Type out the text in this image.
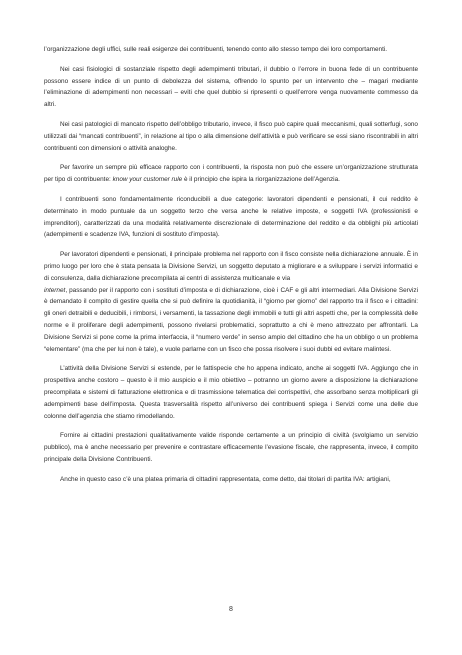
l’organizzazione degli uffici, sulle reali esigenze dei contribuenti, tenendo conto allo stesso tempo dei loro comportamenti.

Nei casi fisiologici di sostanziale rispetto degli adempimenti tributari, il dubbio o l’errore in buona fede di un contribuente possono essere indice di un punto di debolezza del sistema, offrendo lo spunto per un intervento che – magari mediante l’eliminazione di adempimenti non necessari – eviti che quel dubbio si ripresenti o quell’errore venga nuovamente commesso da altri.

Nei casi patologici di mancato rispetto dell’obbligo tributario, invece, il fisco può capire quali meccanismi, quali sotterfugi, sono utilizzati dai “mancati contribuenti”, in relazione al tipo o alla dimensione dell’attività e può verificare se essi siano riscontrabili in altri contribuenti con dimensioni o attività analoghe.

Per favorire un sempre più efficace rapporto con i contribuenti, la risposta non può che essere un’organizzazione strutturata per tipo di contribuente: know your customer rule è il principio che ispira la riorganizzazione dell’Agenzia.

I contribuenti sono fondamentalmente riconducibili a due categorie: lavoratori dipendenti e pensionati, il cui reddito è determinato in modo puntuale da un soggetto terzo che versa anche le relative imposte, e soggetti IVA (professionisti e imprenditori), caratterizzati da una modalità relativamente discrezionale di determinazione del reddito e da obblighi più articolati (adempimenti e scadenze IVA, funzioni di sostituto d’imposta).

Per lavoratori dipendenti e pensionati, il principale problema nel rapporto con il fisco consiste nella dichiarazione annuale. È in primo luogo per loro che è stata pensata la Divisione Servizi, un soggetto deputato a migliorare e a sviluppare i servizi informatici e di consulenza, dalla dichiarazione precompilata ai centri di assistenza multicanale e via

internet, passando per il rapporto con i sostituti d’imposta e di dichiarazione, cioè i CAF e gli altri intermediari. Alla Divisione Servizi è demandato il compito di gestire quella che si può definire la quotidianità, il “giorno per giorno” del rapporto tra il fisco e i cittadini: gli oneri detraibili e deducibili, i rimborsi, i versamenti, la tassazione degli immobili e tutti gli altri aspetti che, per la complessità delle norme e il proliferare degli adempimenti, possono rivelarsi problematici, soprattutto a chi è meno attrezzato per affrontarli. La Divisione Servizi si pone come la prima interfaccia, il “numero verde” in senso ampio del cittadino che ha un obbligo o un problema “elementare” (ma che per lui non è tale), e vuole parlarne con un fisco che possa risolvere i suoi dubbi ed evitare malintesi.

L’attività della Divisione Servizi si estende, per le fattispecie che ho appena indicato, anche ai soggetti IVA. Aggiungo che in prospettiva anche costoro – questo è il mio auspicio e il mio obiettivo – potranno un giorno avere a disposizione la dichiarazione precompilata e sistemi di fatturazione elettronica e di trasmissione telematica dei corrispettivi, che assorbano senza moltiplicarli gli adempimenti base dell’imposta. Questa trasversalità rispetto all’universo dei contribuenti spiega i Servizi come una delle due colonne dell’agenzia che stiamo rimodellando.

Fornire ai cittadini prestazioni qualitativamente valide risponde certamente a un principio di civiltà (svolgiamo un servizio pubblico), ma è anche necessario per prevenire e contrastare efficacemente l’evasione fiscale, che rappresenta, invece, il compito principale della Divisione Contribuenti.

Anche in questo caso c’è una platea primaria di cittadini rappresentata, come detto, dai titolari di partita IVA: artigiani,

8
